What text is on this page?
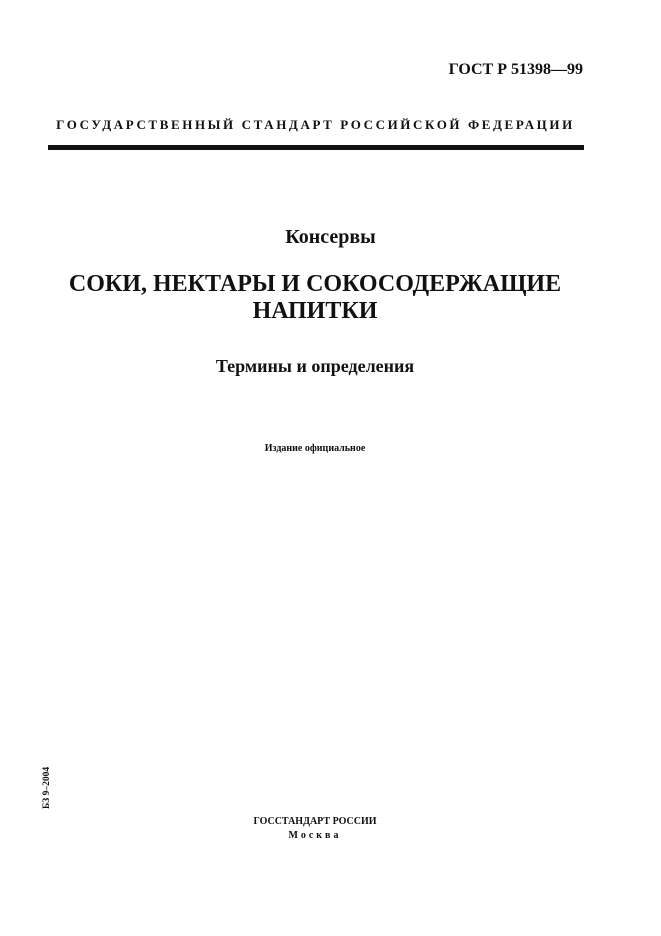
ГОСТ Р 51398—99
ГОСУДАРСТВЕННЫЙ СТАНДАРТ РОССИЙСКОЙ ФЕДЕРАЦИИ
Консервы
СОКИ, НЕКТАРЫ И СОКОСОДЕРЖАЩИЕ
НАПИТКИ
Термины и определения
Издание официальное
БЗ 9–2004
ГОССТАНДАРТ РОССИИ
Москва
